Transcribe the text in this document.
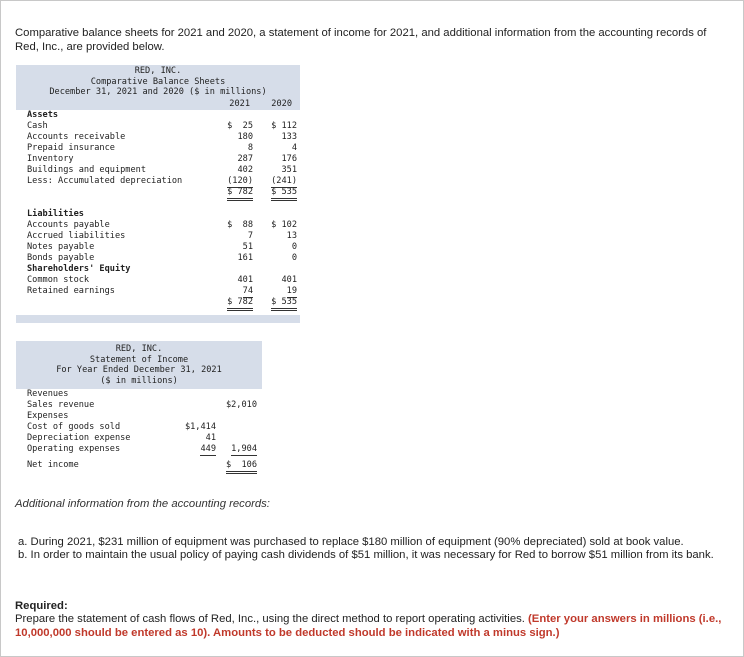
Comparative balance sheets for 2021 and 2020, a statement of income for 2021, and additional information from the accounting records of Red, Inc., are provided below.
RED, INC.
Comparative Balance Sheets
December 31, 2021 and 2020 ($ in millions)
2021 2020
Assets
Cash	$  25 $ 112
Accounts receivable	180	133
Prepaid insurance	8	4
Inventory	287	176
Buildings and equipment	402	351
Less: Accumulated depreciation	(120) (241)
$ 782 $ 535
Liabilities
Accounts payable	$  88 $ 102
Accrued liabilities	7	13
Notes payable	51	0
Bonds payable	161	0
Shareholders' Equity
Common stock	401	401
Retained earnings	74	19
$ 782 $ 535
RED, INC.
Statement of Income
For Year Ended December 31, 2021
($ in millions)
Revenues
Sales revenue	$2,010
Expenses
Cost of goods sold	$1,414
Depreciation expense	41
Operating expenses	449 1,904
Net income	$  106
Additional information from the accounting records:
a. During 2021, $231 million of equipment was purchased to replace $180 million of equipment (90% depreciated) sold at book value.
b. In order to maintain the usual policy of paying cash dividends of $51 million, it was necessary for Red to borrow $51 million from its bank.
Required:
Prepare the statement of cash flows of Red, Inc., using the direct method to report operating activities. (Enter your answers in millions (i.e., 10,000,000 should be entered as 10). Amounts to be deducted should be indicated with a minus sign.)
